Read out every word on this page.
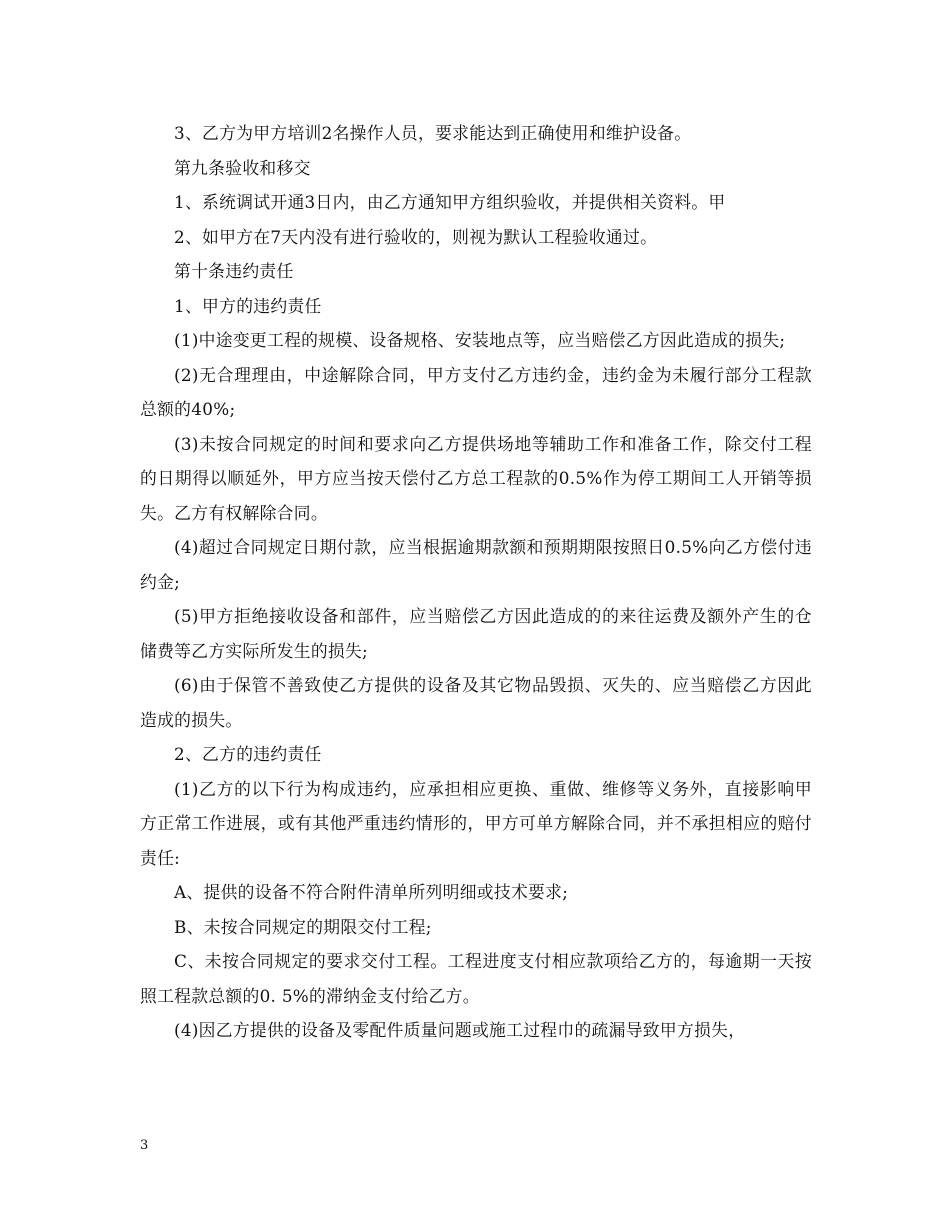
3、乙方为甲方培训2名操作人员，要求能达到正确使用和维护设备。

第九条验收和移交

1、系统调试开通3日内，由乙方通知甲方组织验收，并提供相关资料。甲

2、如甲方在7天内没有进行验收的，则视为默认工程验收通过。

第十条违约责任

1、甲方的违约责任

(1)中途变更工程的规模、设备规格、安装地点等，应当赔偿乙方因此造成的损失;

(2)无合理理由，中途解除合同，甲方支付乙方违约金，违约金为未履行部分工程款总额的40%;

(3)未按合同规定的时间和要求向乙方提供场地等辅助工作和准备工作，除交付工程的日期得以顺延外，甲方应当按天偿付乙方总工程款的0.5%作为停工期间工人开销等损失。乙方有权解除合同。

(4)超过合同规定日期付款，应当根据逾期款额和预期期限按照日0.5%向乙方偿付违约金;

(5)甲方拒绝接收设备和部件，应当赔偿乙方因此造成的的来往运费及额外产生的仓储费等乙方实际所发生的损失;

(6)由于保管不善致使乙方提供的设备及其它物品毁损、灭失的、应当赔偿乙方因此造成的损失。

2、乙方的违约责任

(1)乙方的以下行为构成违约，应承担相应更换、重做、维修等义务外，直接影响甲方正常工作进展，或有其他严重违约情形的，甲方可单方解除合同，并不承担相应的赔付责任:

A、提供的设备不符合附件清单所列明细或技术要求;

B、未按合同规定的期限交付工程;

C、未按合同规定的要求交付工程。工程进度支付相应款项给乙方的，每逾期一天按照工程款总额的0. 5%的滞纳金支付给乙方。

(4)因乙方提供的设备及零配件质量问题或施工过程巾的疏漏导致甲方损失，

3
